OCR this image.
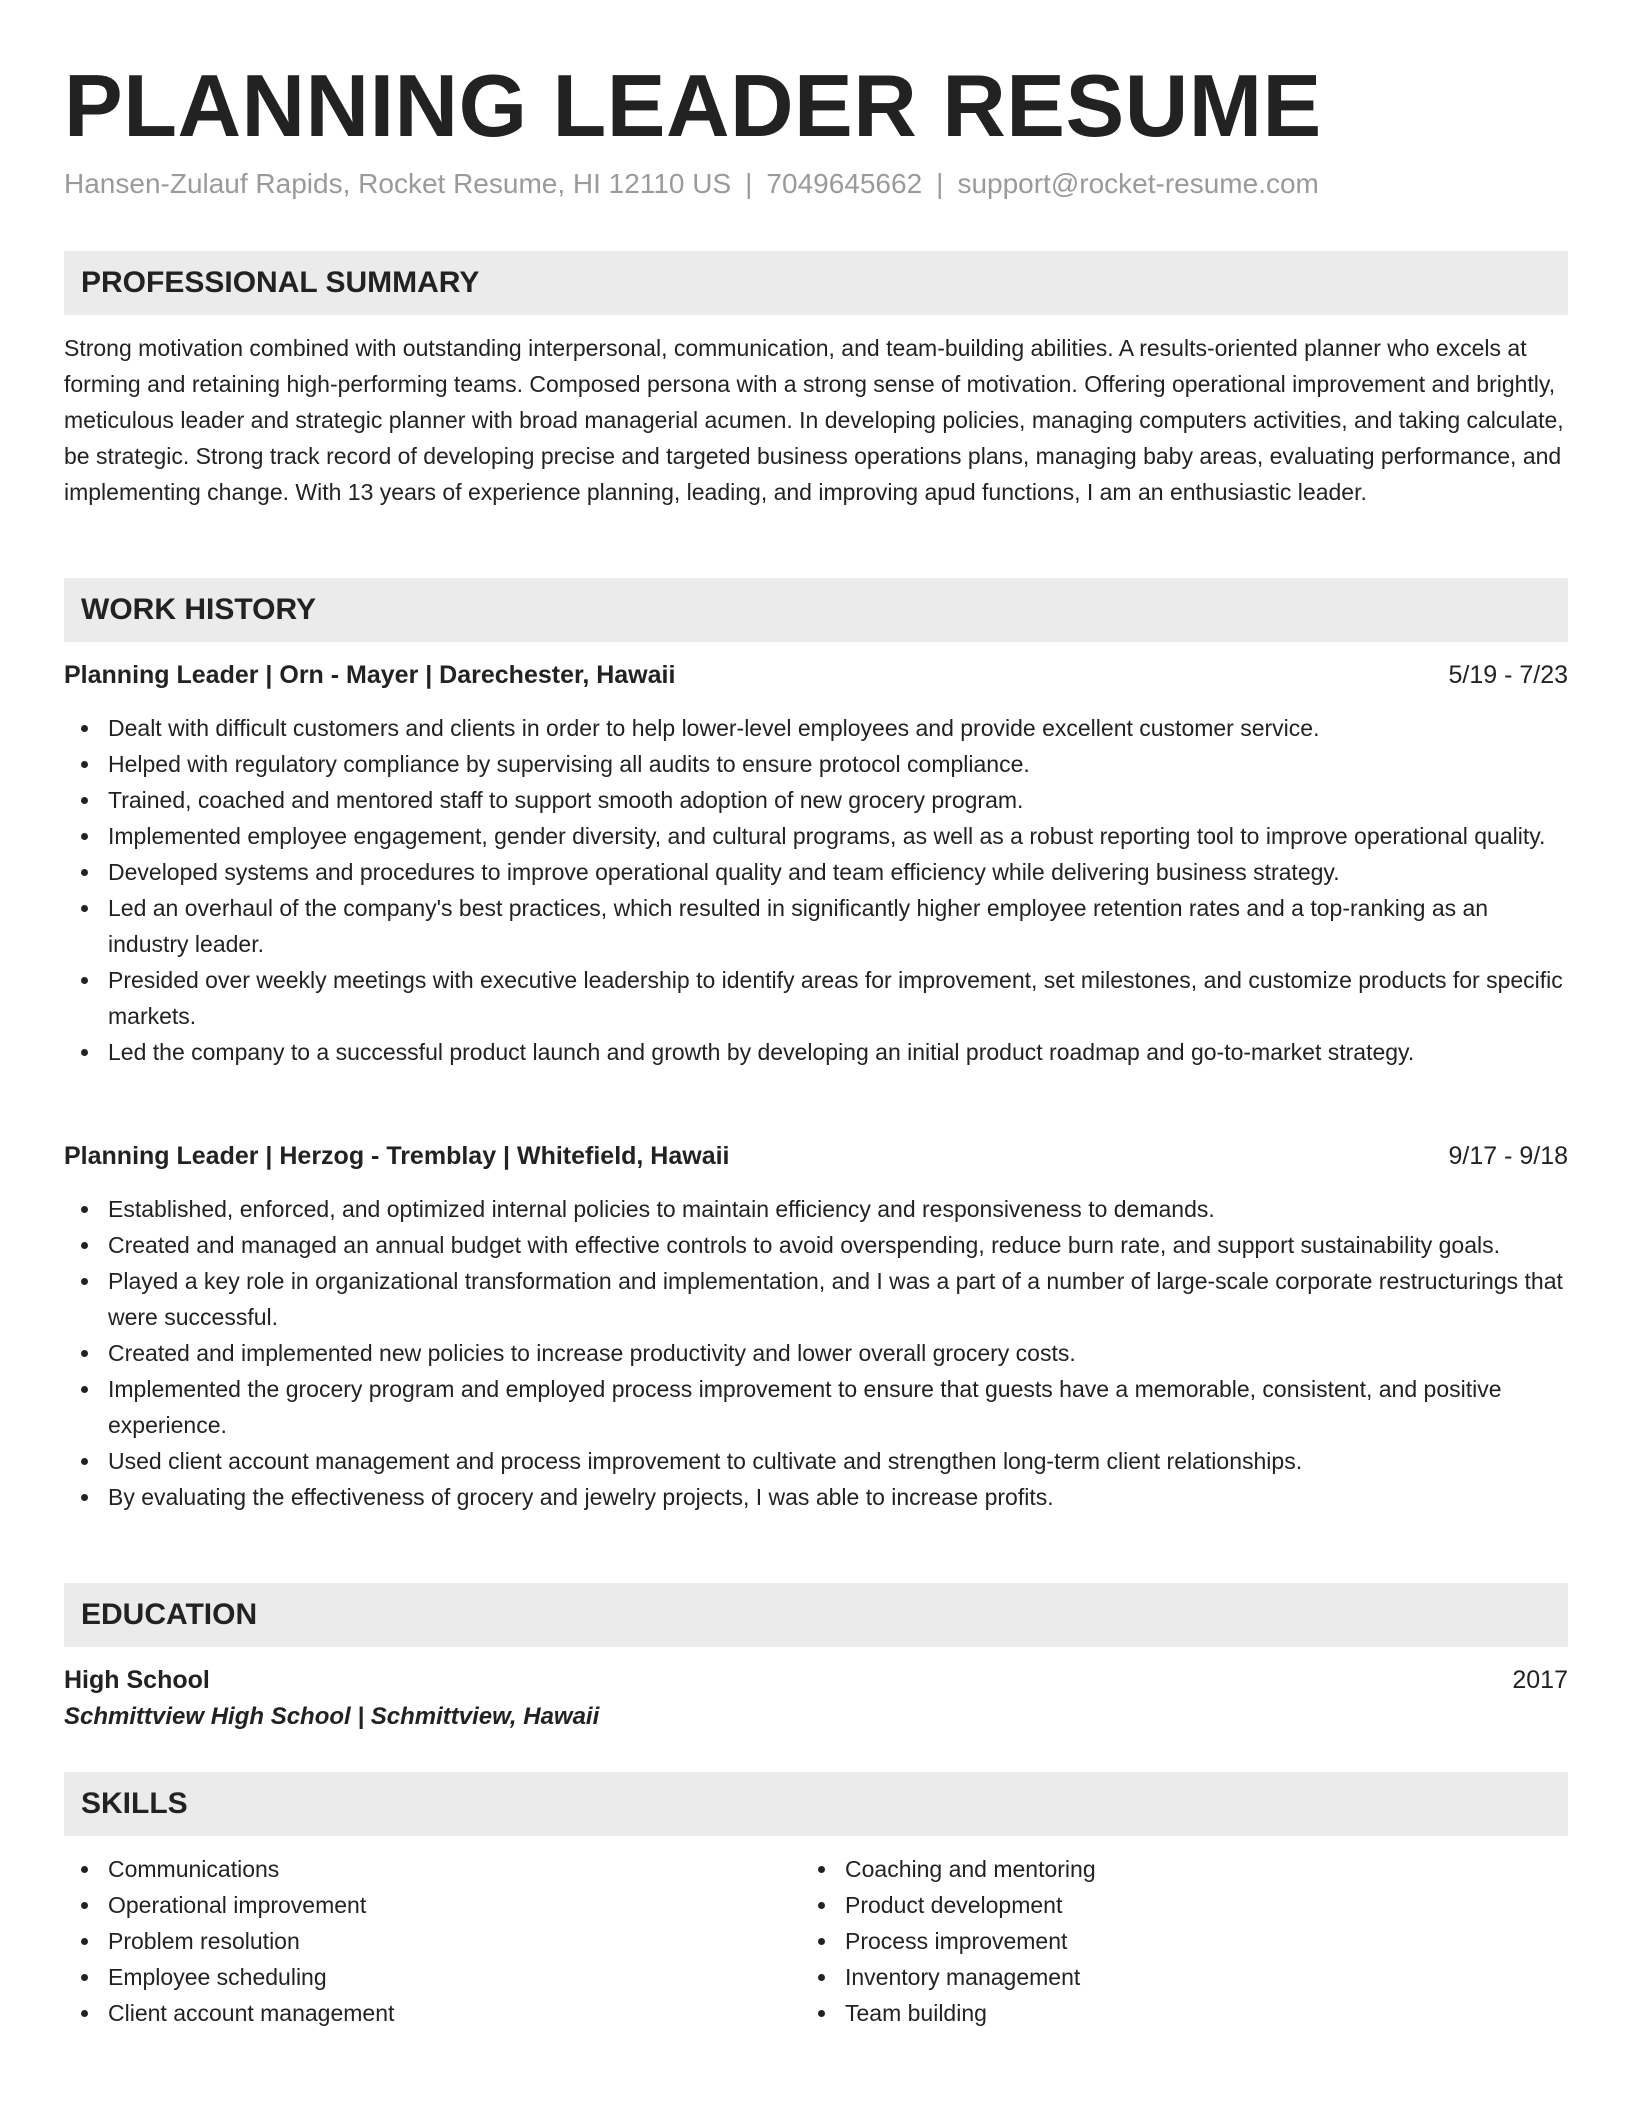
PLANNING LEADER RESUME
Hansen-Zulauf Rapids, Rocket Resume, HI 12110 US | 7049645662 | support@rocket-resume.com
PROFESSIONAL SUMMARY
Strong motivation combined with outstanding interpersonal, communication, and team-building abilities. A results-oriented planner who excels at forming and retaining high-performing teams. Composed persona with a strong sense of motivation. Offering operational improvement and brightly, meticulous leader and strategic planner with broad managerial acumen. In developing policies, managing computers activities, and taking calculate, be strategic. Strong track record of developing precise and targeted business operations plans, managing baby areas, evaluating performance, and implementing change. With 13 years of experience planning, leading, and improving apud functions, I am an enthusiastic leader.
WORK HISTORY
Planning Leader | Orn - Mayer | Darechester, Hawaii	5/19 - 7/23
Dealt with difficult customers and clients in order to help lower-level employees and provide excellent customer service.
Helped with regulatory compliance by supervising all audits to ensure protocol compliance.
Trained, coached and mentored staff to support smooth adoption of new grocery program.
Implemented employee engagement, gender diversity, and cultural programs, as well as a robust reporting tool to improve operational quality.
Developed systems and procedures to improve operational quality and team efficiency while delivering business strategy.
Led an overhaul of the company's best practices, which resulted in significantly higher employee retention rates and a top-ranking as an industry leader.
Presided over weekly meetings with executive leadership to identify areas for improvement, set milestones, and customize products for specific markets.
Led the company to a successful product launch and growth by developing an initial product roadmap and go-to-market strategy.
Planning Leader | Herzog - Tremblay | Whitefield, Hawaii	9/17 - 9/18
Established, enforced, and optimized internal policies to maintain efficiency and responsiveness to demands.
Created and managed an annual budget with effective controls to avoid overspending, reduce burn rate, and support sustainability goals.
Played a key role in organizational transformation and implementation, and I was a part of a number of large-scale corporate restructurings that were successful.
Created and implemented new policies to increase productivity and lower overall grocery costs.
Implemented the grocery program and employed process improvement to ensure that guests have a memorable, consistent, and positive experience.
Used client account management and process improvement to cultivate and strengthen long-term client relationships.
By evaluating the effectiveness of grocery and jewelry projects, I was able to increase profits.
EDUCATION
High School	2017
Schmittview High School | Schmittview, Hawaii
SKILLS
Communications
Operational improvement
Problem resolution
Employee scheduling
Client account management
Coaching and mentoring
Product development
Process improvement
Inventory management
Team building
